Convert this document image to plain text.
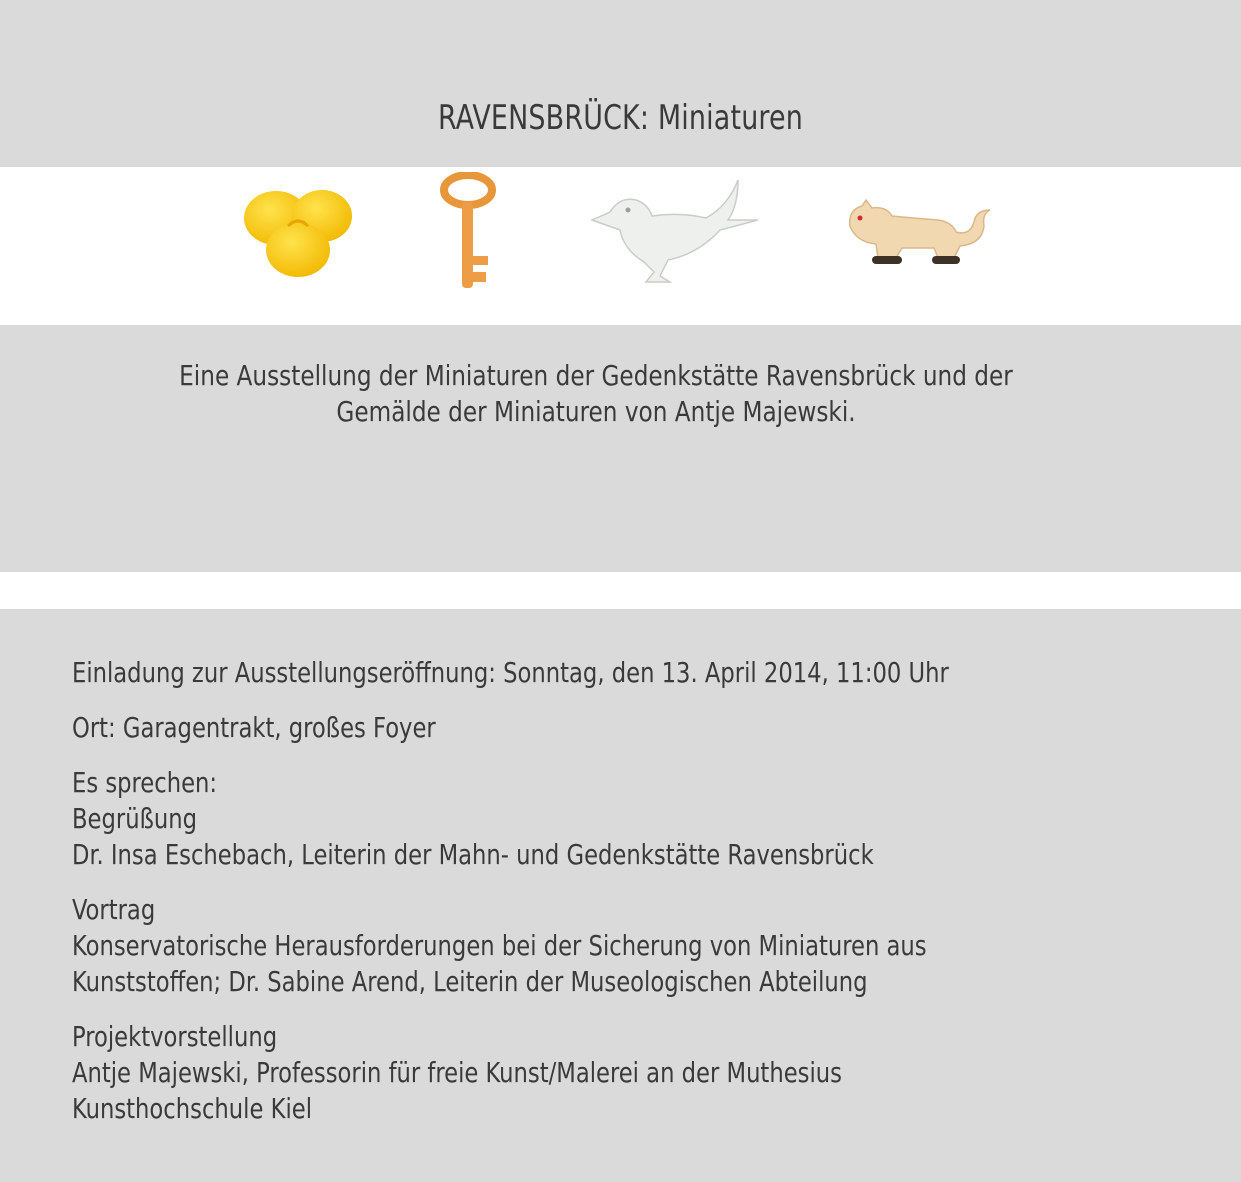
RAVENSBRÜCK: Miniaturen
Eine Ausstellung der Miniaturen der Gedenkstätte Ravensbrück und der
Gemälde der Miniaturen von Antje Majewski.

Einladung zur Ausstellungseröffnung: Sonntag, den 13. April 2014, 11:00 Uhr

Ort: Garagentrakt, großes Foyer

Es sprechen:

Begrüßung

Dr. Insa Eschebach, Leiterin der Mahn- und Gedenkstätte Ravensbrück

Vortrag

Konservatorische Herausforderungen bei der Sicherung von Miniaturen aus

Kunststoffen; Dr. Sabine Arend, Leiterin der Museologischen Abteilung

Projektvorstellung

Antje Majewski, Professorin für freie Kunst/Malerei an der Muthesius

Kunsthochschule Kiel
